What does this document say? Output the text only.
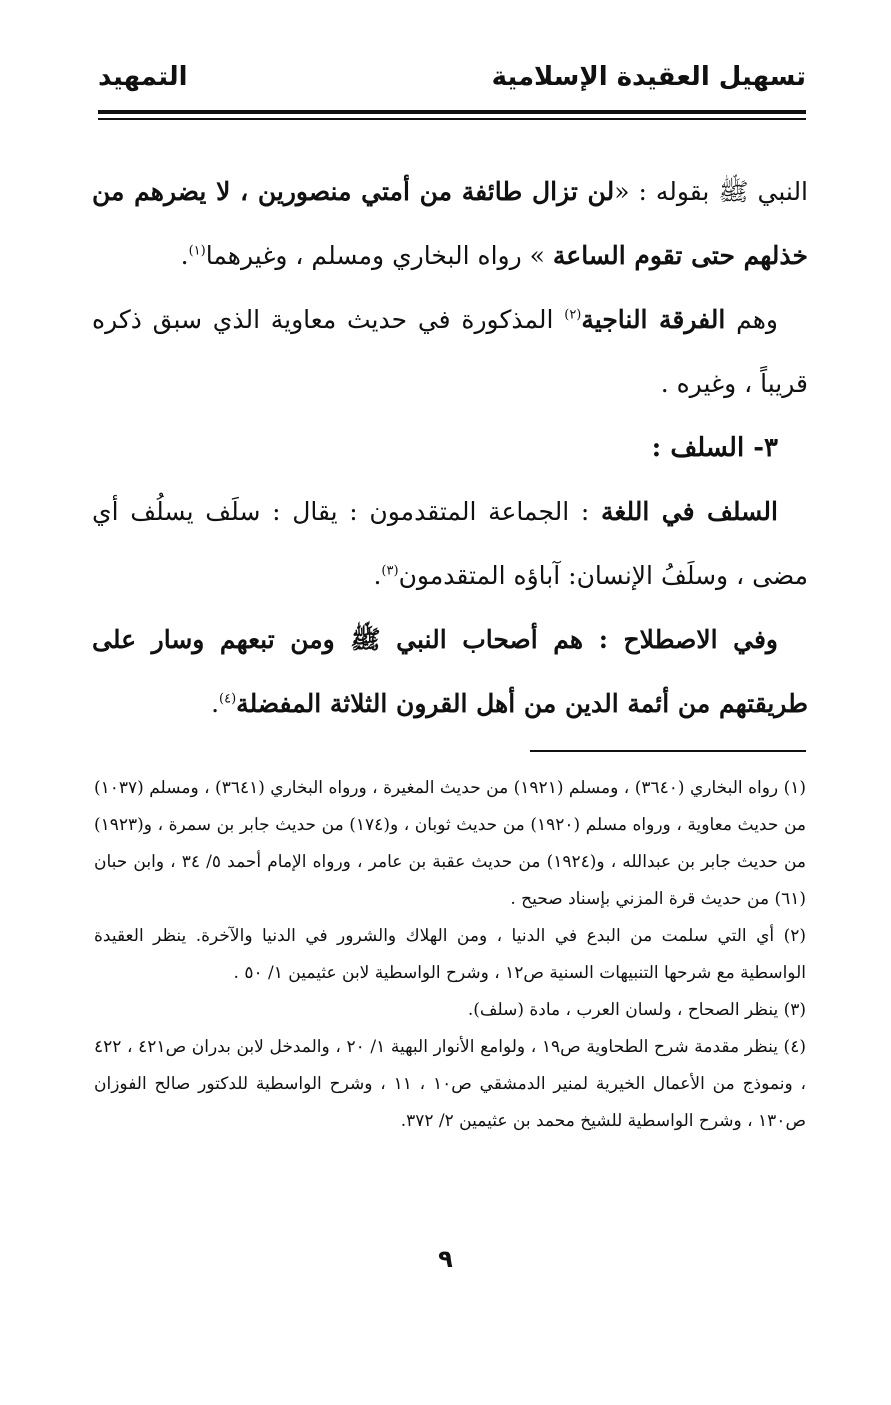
تسهيل العقيدة الإسلامية
التمهيد

النبي ﷺ بقوله : «لن تزال طائفة من أمتي منصورين ، لا يضرهم من خذلهم حتى تقوم الساعة » رواه البخاري ومسلم ، وغيرهما$^{(١)}$.

وهم الفرقة الناجية$^{(٢)}$ المذكورة في حديث معاوية الذي سبق ذكره قريباً ، وغيره .

٣- السلف :

السلف في اللغة : الجماعة المتقدمون : يقال : سلَف يسلُف أي مضى ، وسلَفُ الإنسان: آباؤه المتقدمون$^{(٣)}$.

وفي الاصطلاح : هم أصحاب النبي ﷺ ومن تبعهم وسار على طريقتهم من أئمة الدين من أهل القرون الثلاثة المفضلة$^{(٤)}$.

(١) رواه البخاري (٣٦٤٠) ، ومسلم (١٩٢١) من حديث المغيرة ، ورواه البخاري (٣٦٤١) ، ومسلم (١٠٣٧) من حديث معاوية ، ورواه مسلم (١٩٢٠) من حديث ثوبان ، و(١٧٤) من حديث جابر بن سمرة ، و(١٩٢٣) من حديث جابر بن عبدالله ، و(١٩٢٤) من حديث عقبة بن عامر ، ورواه الإمام أحمد ٥/ ٣٤ ، وابن حبان (٦١) من حديث قرة المزني بإسناد صحيح .

(٢) أي التي سلمت من البدع في الدنيا ، ومن الهلاك والشرور في الدنيا والآخرة. ينظر العقيدة الواسطية مع شرحها التنبيهات السنية ص١٢ ، وشرح الواسطية لابن عثيمين ١/ ٥٠ .

(٣) ينظر الصحاح ، ولسان العرب ، مادة (سلف).

(٤) ينظر مقدمة شرح الطحاوية ص١٩ ، ولوامع الأنوار البهية ١/ ٢٠ ، والمدخل لابن بدران ص٤٢١ ، ٤٢٢ ، ونموذج من الأعمال الخيرية لمنير الدمشقي ص١٠ ، ١١ ، وشرح الواسطية للدكتور صالح الفوزان ص١٣٠ ، وشرح الواسطية للشيخ محمد بن عثيمين ٢/ ٣٧٢.

٩
